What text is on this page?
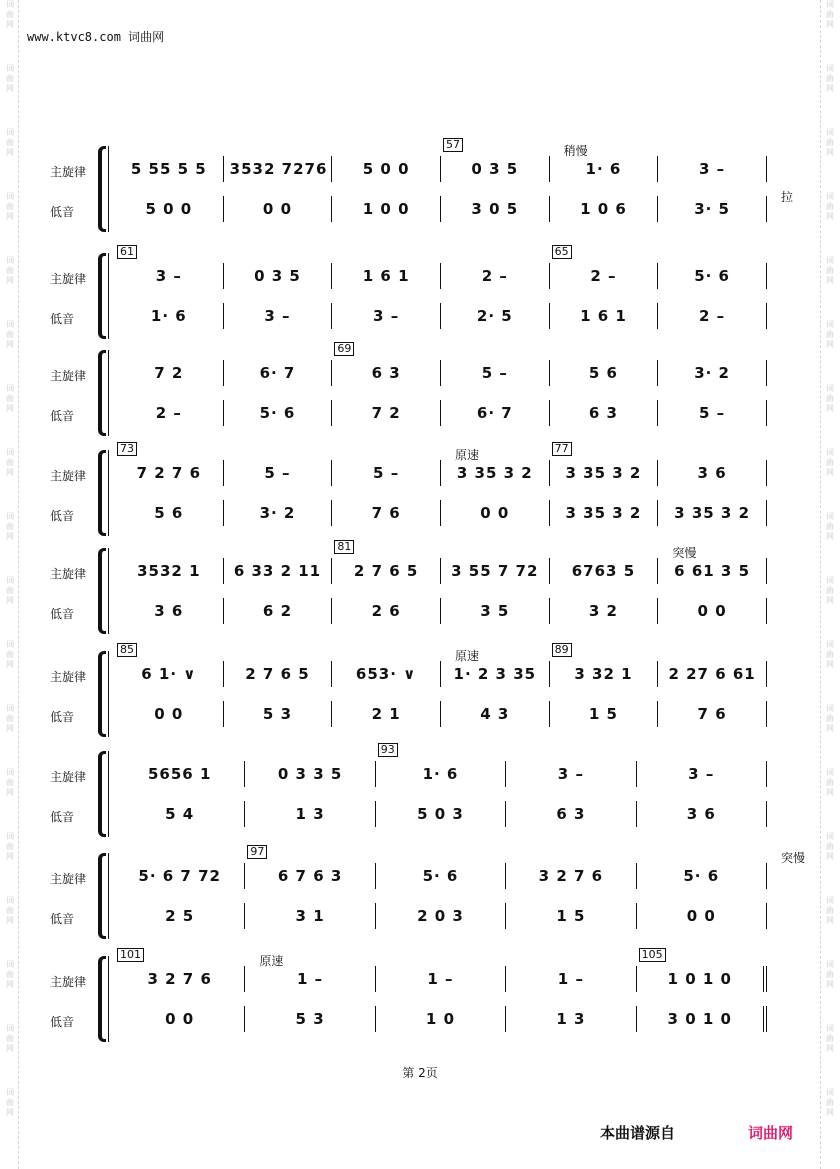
词
曲
网
词
曲
网
词
曲
网
词
曲
网
词
曲
网
词
曲
网
词
曲
网
词
曲
网
词
曲
网
词
曲
网
词
曲
网
词
曲
网
词
曲
网
词
曲
网
词
曲
网
词
曲
网
词
曲
网
词
曲
网
词
曲
网
词
曲
网
词
曲
网
词
曲
网
词
曲
网
词
曲
网
词
曲
网
词
曲
网
词
曲
网
词
曲
网
词
曲
网
词
曲
网
词
曲
网
词
曲
网
词
曲
网
词
曲
网
词
曲
网
词
曲
网
www.ktvc8.com 词曲网
主旋律
低音
5 55 5 5	3532 7276	5 0 0	0 3 5	1· 6	3 –
5 0 0	0 0	1 0 0	3 0 5	1 0 6	3· 5
57	稍慢
拉
主旋律
低音
3 –	0 3 5	1 6 1	2 –	2 –	5· 6
1· 6	3 –	3 –	2· 5	1 6 1	2 –
61	65
主旋律
低音
7 2	6· 7	6 3	5 –	5 6	3· 2
2 –	5· 6	7 2	6· 7	6 3	5 –
69
主旋律
低音
7 2 7 6	5 –	5 –	3 35 3 2	3 35 3 2	3 6
5 6	3· 2	7 6	0 0	3 35 3 2	3 35 3 2
73	77
原速
主旋律
低音
3532 1	6 33 2 11	2 7 6 5	3 55 7 72	6763 5	6 61 3 5
3 6	6 2	2 6	3 5	3 2	0 0
81	突慢
主旋律
低音
6 1· ∨	2 7 6 5	653· ∨	1· 2 3 35	3 32 1	2 27 6 61
0 0	5 3	2 1	4 3	1 5	7 6
85	89
原速
主旋律
低音
5656 1	0 3 3 5	1· 6	3 –	3 –
5 4	1 3	5 0 3	6 3	3 6
93
主旋律
低音
5· 6 7 72	6 7 6 3	5· 6	3 2 7 6	5· 6
2 5	3 1	2 0 3	1 5	0 0
97	突慢
主旋律
低音
3 2 7 6	1 –	1 –	1 –	1 0 1 0
0 0	5 3	1 0	1 3	3 0 1 0
101	105
原速
第 2页
本曲谱源自	词曲网
